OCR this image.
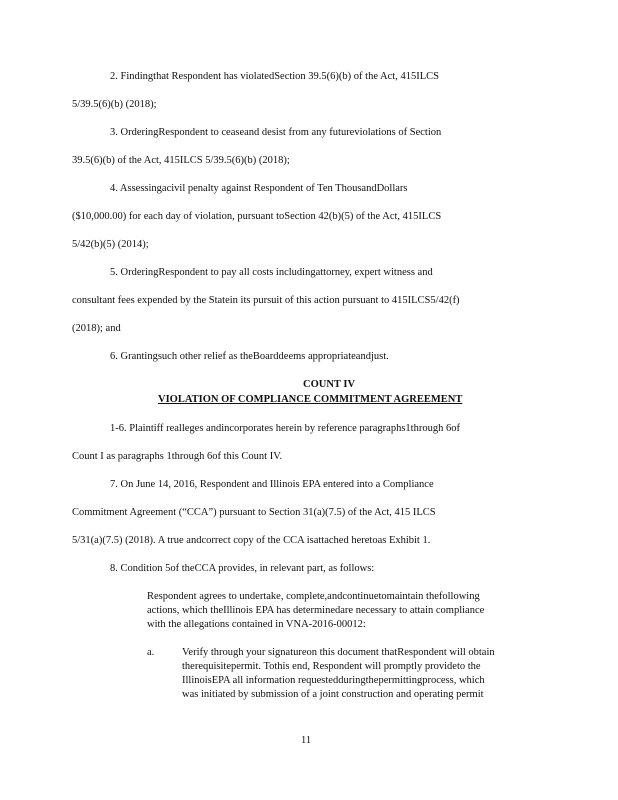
2. Findingthat Respondent has violatedSection 39.5(6)(b) of the Act, 415ILCS
5/39.5(6)(b) (2018);
3. OrderingRespondent to ceaseand desist from any futureviolations of Section
39.5(6)(b) of the Act, 415ILCS 5/39.5(6)(b) (2018);
4. Assessingacivil penalty against Respondent of Ten ThousandDollars
($10,000.00) for each day of violation, pursuant toSection 42(b)(5) of the Act, 415ILCS
5/42(b)(5) (2014);
5. OrderingRespondent to pay all costs includingattorney, expert witness and
consultant fees expended by the Statein its pursuit of this action pursuant to 415ILCS5/42(f)
(2018); and
6. Grantingsuch other relief as theBoarddeems appropriateandjust.
COUNT IV
VIOLATION OF COMPLIANCE COMMITMENT AGREEMENT
1-6. Plaintiff realleges andincorporates herein by reference paragraphs1through 6of
Count I as paragraphs 1through 6of this Count IV.
7. On June 14, 2016, Respondent and Illinois EPA entered into a Compliance
Commitment Agreement (“CCA”) pursuant to Section 31(a)(7.5) of the Act, 415 ILCS
5/31(a)(7.5) (2018). A true andcorrect copy of the CCA isattached heretoas Exhibit 1.
8. Condition 5of theCCA provides, in relevant part, as follows:
Respondent agrees to undertake, complete,andcontinuetomaintain thefollowing
actions, which theIllinois EPA has determinedare necessary to attain compliance
with the allegations contained in VNA-2016-00012:
a.	Verify through your signatureon this document thatRespondent will obtain
therequisitepermit. Tothis end, Respondent will promptly provideto the
IllinoisEPA all information requestedduringthepermittingprocess, which
was initiated by submission of a joint construction and operating permit
11
